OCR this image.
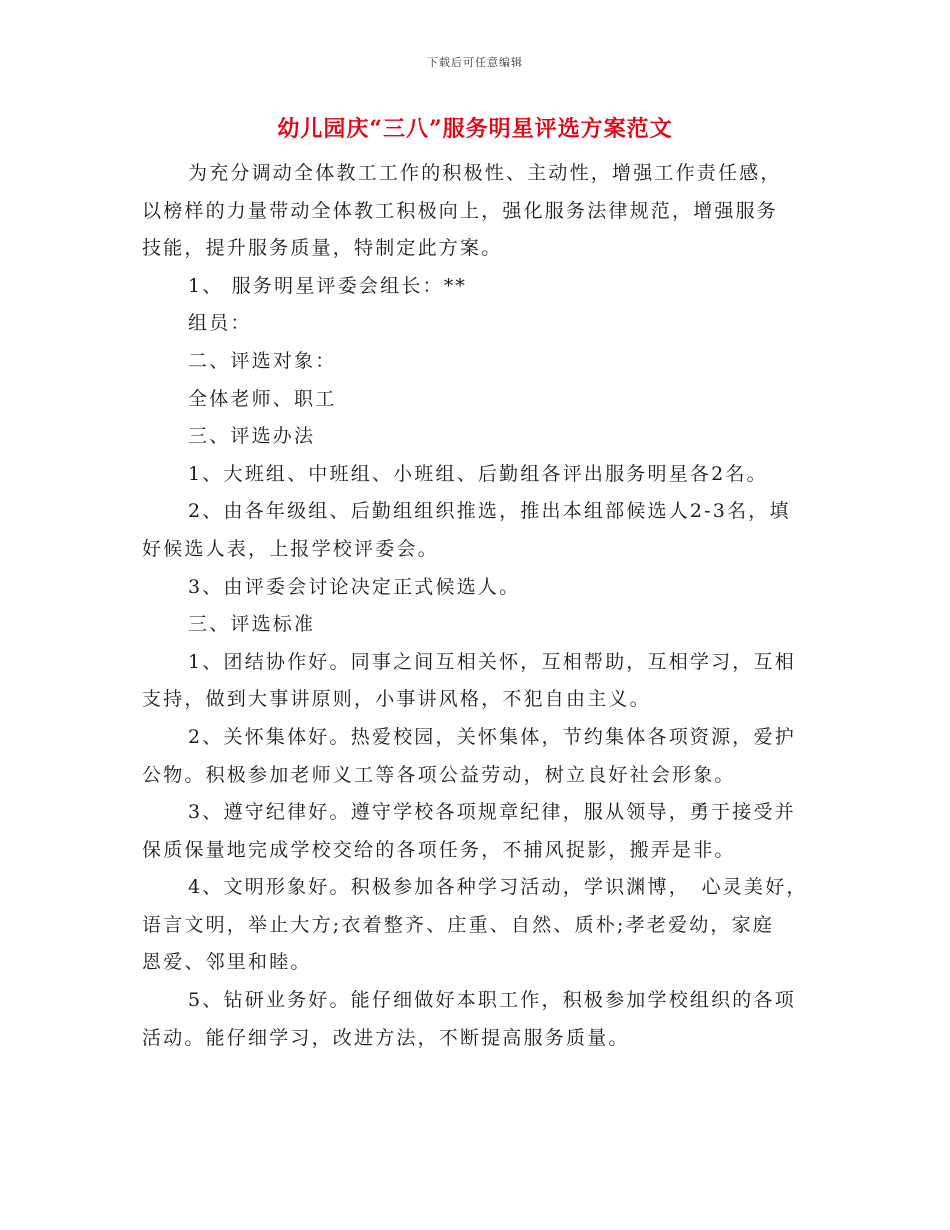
下载后可任意编辑
幼儿园庆“三八”服务明星评选方案范文

为充分调动全体教工工作的积极性、主动性，增强工作责任感，
以榜样的力量带动全体教工积极向上，强化服务法律规范，增强服务
技能，提升服务质量，特制定此方案。

1、 服务明星评委会组长：**

组员：

二、评选对象：

全体老师、职工

三、评选办法

1、大班组、中班组、小班组、后勤组各评出服务明星各2名。

2、由各年级组、后勤组组织推选，推出本组部候选人2-3名，填
好候选人表，上报学校评委会。

3、由评委会讨论决定正式候选人。

三、评选标准

1、团结协作好。同事之间互相关怀，互相帮助，互相学习，互相
支持，做到大事讲原则，小事讲风格，不犯自由主义。

2、关怀集体好。热爱校园，关怀集体，节约集体各项资源，爱护
公物。积极参加老师义工等各项公益劳动，树立良好社会形象。

3、遵守纪律好。遵守学校各项规章纪律，服从领导，勇于接受并
保质保量地完成学校交给的各项任务，不捕风捉影，搬弄是非。

4、文明形象好。积极参加各种学习活动，学识渊博，　心灵美好，
语言文明，举止大方;衣着整齐、庄重、自然、质朴;孝老爱幼，家庭
恩爱、邻里和睦。

5、钻研业务好。能仔细做好本职工作，积极参加学校组织的各项
活动。能仔细学习，改进方法，不断提高服务质量。
